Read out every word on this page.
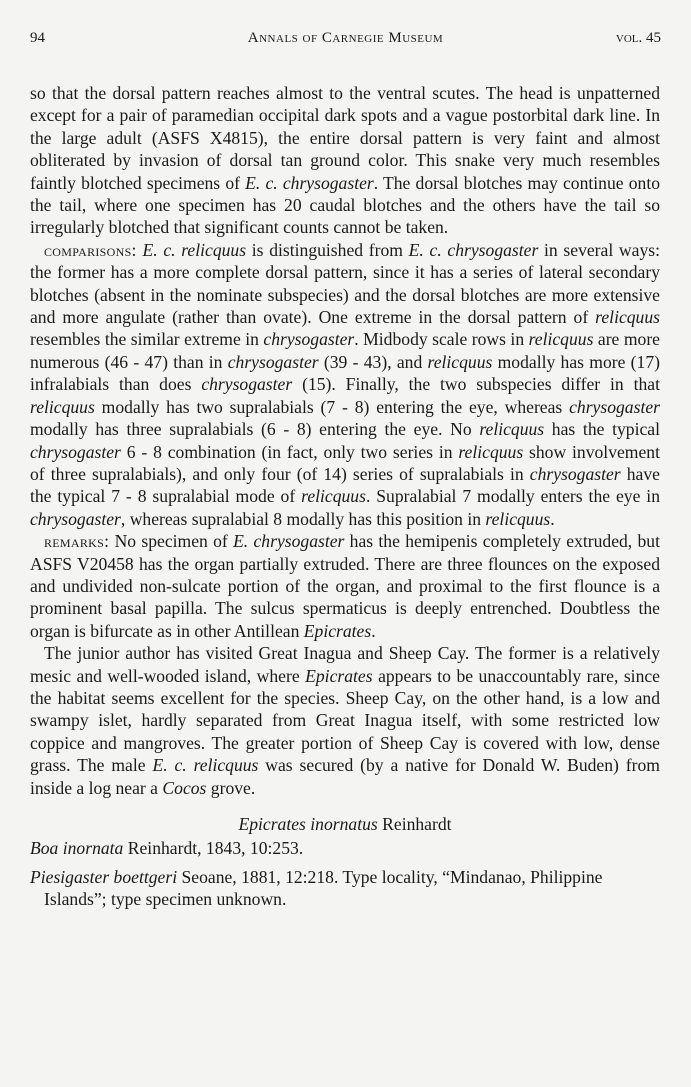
94	Annals of Carnegie Museum	vol. 45

so that the dorsal pattern reaches almost to the ventral scutes. The head is unpatterned except for a pair of paramedian occipital dark spots and a vague postorbital dark line. In the large adult (ASFS X4815), the entire dorsal pattern is very faint and almost obliterated by invasion of dorsal tan ground color. This snake very much resembles faintly blotched specimens of E. c. chrysogaster. The dorsal blotches may continue onto the tail, where one specimen has 20 caudal blotches and the others have the tail so irregularly blotched that significant counts cannot be taken.

comparisons: E. c. relicquus is distinguished from E. c. chrysogaster in several ways: the former has a more complete dorsal pattern, since it has a series of lateral secondary blotches (absent in the nominate subspecies) and the dorsal blotches are more extensive and more angulate (rather than ovate). One extreme in the dorsal pattern of relicquus resembles the similar extreme in chrysogaster. Midbody scale rows in relicquus are more numerous (46 - 47) than in chrysogaster (39 - 43), and relicquus modally has more (17) infralabials than does chrysogaster (15). Finally, the two subspecies differ in that relicquus modally has two supralabials (7 - 8) entering the eye, whereas chrysogaster modally has three supralabials (6 - 8) entering the eye. No relicquus has the typical chrysogaster 6 - 8 combination (in fact, only two series in relicquus show involvement of three supralabials), and only four (of 14) series of supralabials in chrysogaster have the typical 7 - 8 supralabial mode of relicquus. Supralabial 7 modally enters the eye in chrysogaster, whereas supralabial 8 modally has this position in relicquus.

remarks: No specimen of E. chrysogaster has the hemipenis completely extruded, but ASFS V20458 has the organ partially extruded. There are three flounces on the exposed and undivided non-sulcate portion of the organ, and proximal to the first flounce is a prominent basal papilla. The sulcus spermaticus is deeply entrenched. Doubtless the organ is bifurcate as in other Antillean Epicrates.

The junior author has visited Great Inagua and Sheep Cay. The former is a relatively mesic and well-wooded island, where Epicrates appears to be unaccountably rare, since the habitat seems excellent for the species. Sheep Cay, on the other hand, is a low and swampy islet, hardly separated from Great Inagua itself, with some restricted low coppice and mangroves. The greater portion of Sheep Cay is covered with low, dense grass. The male E. c. relicquus was secured (by a native for Donald W. Buden) from inside a log near a Cocos grove.

Epicrates inornatus Reinhardt

Boa inornata Reinhardt, 1843, 10:253.

Piesigaster boettgeri Seoane, 1881, 12:218. Type locality, “Mindanao, Philippine Islands”; type specimen unknown.
